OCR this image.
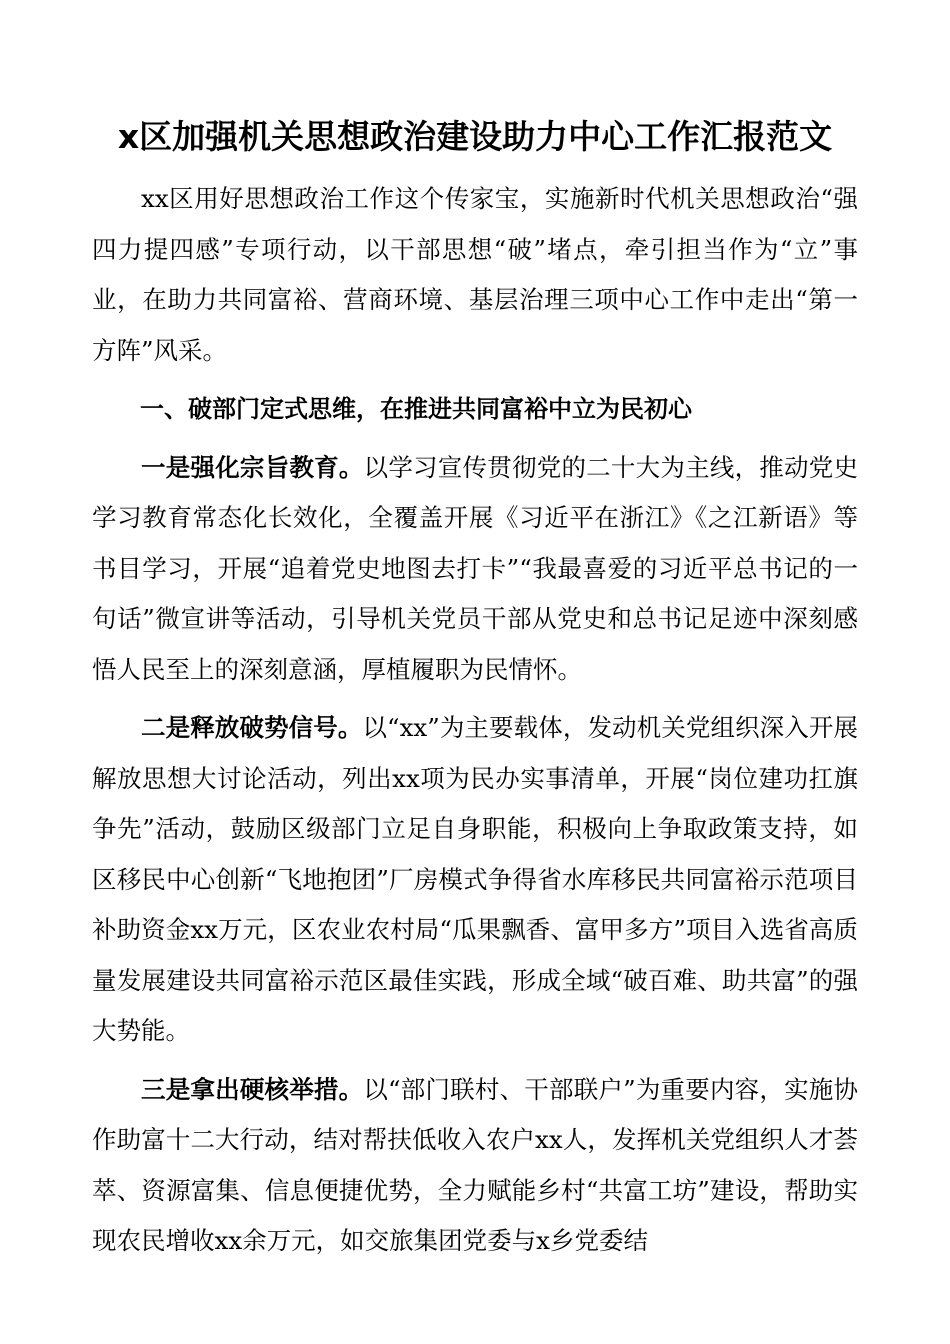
x区加强机关思想政治建设助力中心工作汇报范文

xx区用好思想政治工作这个传家宝，实施新时代机关思想政治“强四力提四感”专项行动，以干部思想“破”堵点，牵引担当作为“立”事业，在助力共同富裕、营商环境、基层治理三项中心工作中走出“第一方阵”风采。

一、破部门定式思维，在推进共同富裕中立为民初心

一是强化宗旨教育。以学习宣传贯彻党的二十大为主线，推动党史学习教育常态化长效化，全覆盖开展《习近平在浙江》《之江新语》等书目学习，开展“追着党史地图去打卡”“我最喜爱的习近平总书记的一句话”微宣讲等活动，引导机关党员干部从党史和总书记足迹中深刻感悟人民至上的深刻意涵，厚植履职为民情怀。

二是释放破势信号。以“xx”为主要载体，发动机关党组织深入开展解放思想大讨论活动，列出xx项为民办实事清单，开展“岗位建功扛旗争先”活动，鼓励区级部门立足自身职能，积极向上争取政策支持，如区移民中心创新“飞地抱团”厂房模式争得省水库移民共同富裕示范项目补助资金xx万元，区农业农村局“瓜果飘香、富甲多方”项目入选省高质量发展建设共同富裕示范区最佳实践，形成全域“破百难、助共富”的强大势能。

三是拿出硬核举措。以“部门联村、干部联户”为重要内容，实施协作助富十二大行动，结对帮扶低收入农户xx人，发挥机关党组织人才荟萃、资源富集、信息便捷优势，全力赋能乡村“共富工坊”建设，帮助实现农民增收xx余万元，如交旅集团党委与x乡党委结
